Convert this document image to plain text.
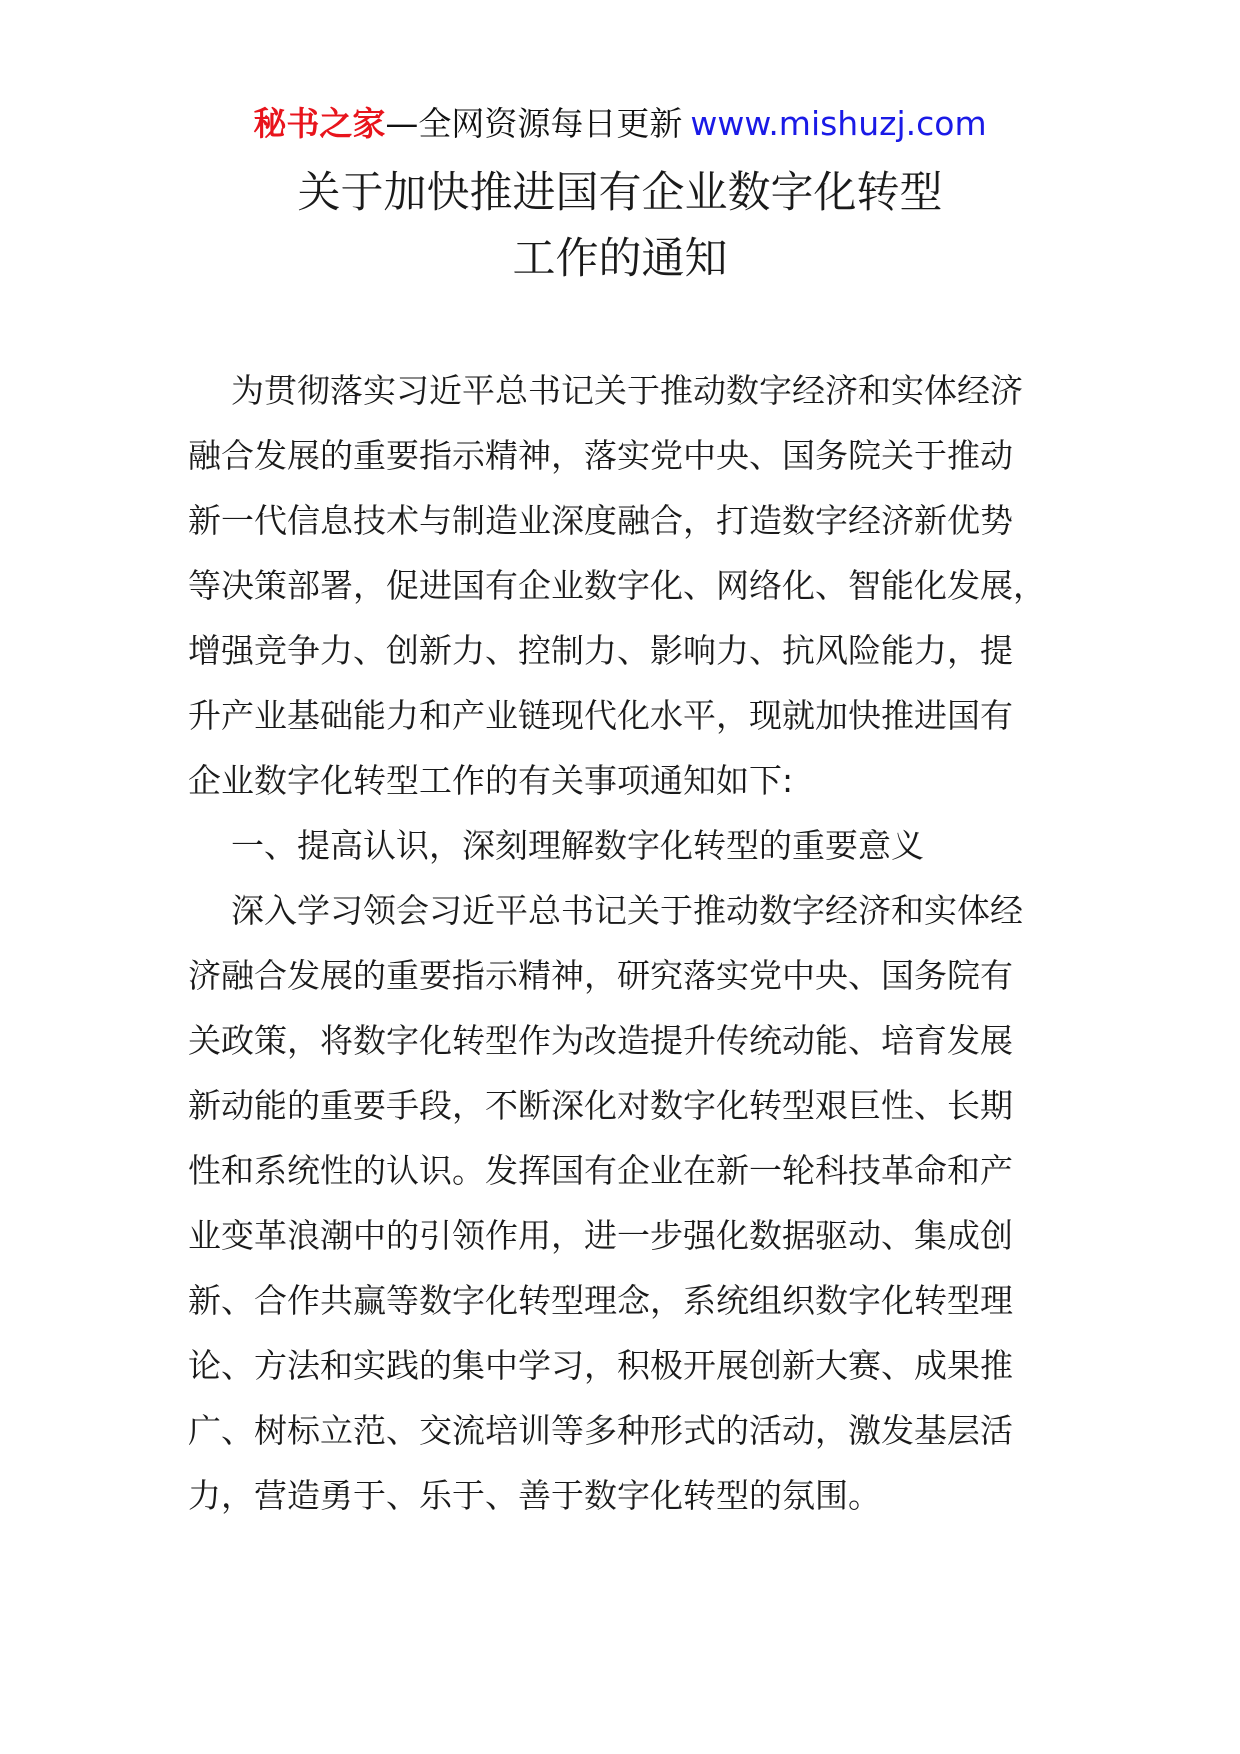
秘书之家—全网资源每日更新 www.mishuzj.com
关于加快推进国有企业数字化转型
工作的通知
为贯彻落实习近平总书记关于推动数字经济和实体经济
融合发展的重要指示精神，落实党中央、国务院关于推动
新一代信息技术与制造业深度融合，打造数字经济新优势
等决策部署，促进国有企业数字化、网络化、智能化发展，
增强竞争力、创新力、控制力、影响力、抗风险能力，提
升产业基础能力和产业链现代化水平，现就加快推进国有
企业数字化转型工作的有关事项通知如下:
一、提高认识，深刻理解数字化转型的重要意义
深入学习领会习近平总书记关于推动数字经济和实体经
济融合发展的重要指示精神，研究落实党中央、国务院有
关政策，将数字化转型作为改造提升传统动能、培育发展
新动能的重要手段，不断深化对数字化转型艰巨性、长期
性和系统性的认识。发挥国有企业在新一轮科技革命和产
业变革浪潮中的引领作用，进一步强化数据驱动、集成创
新、合作共赢等数字化转型理念，系统组织数字化转型理
论、方法和实践的集中学习，积极开展创新大赛、成果推
广、树标立范、交流培训等多种形式的活动，激发基层活
力，营造勇于、乐于、善于数字化转型的氛围。
